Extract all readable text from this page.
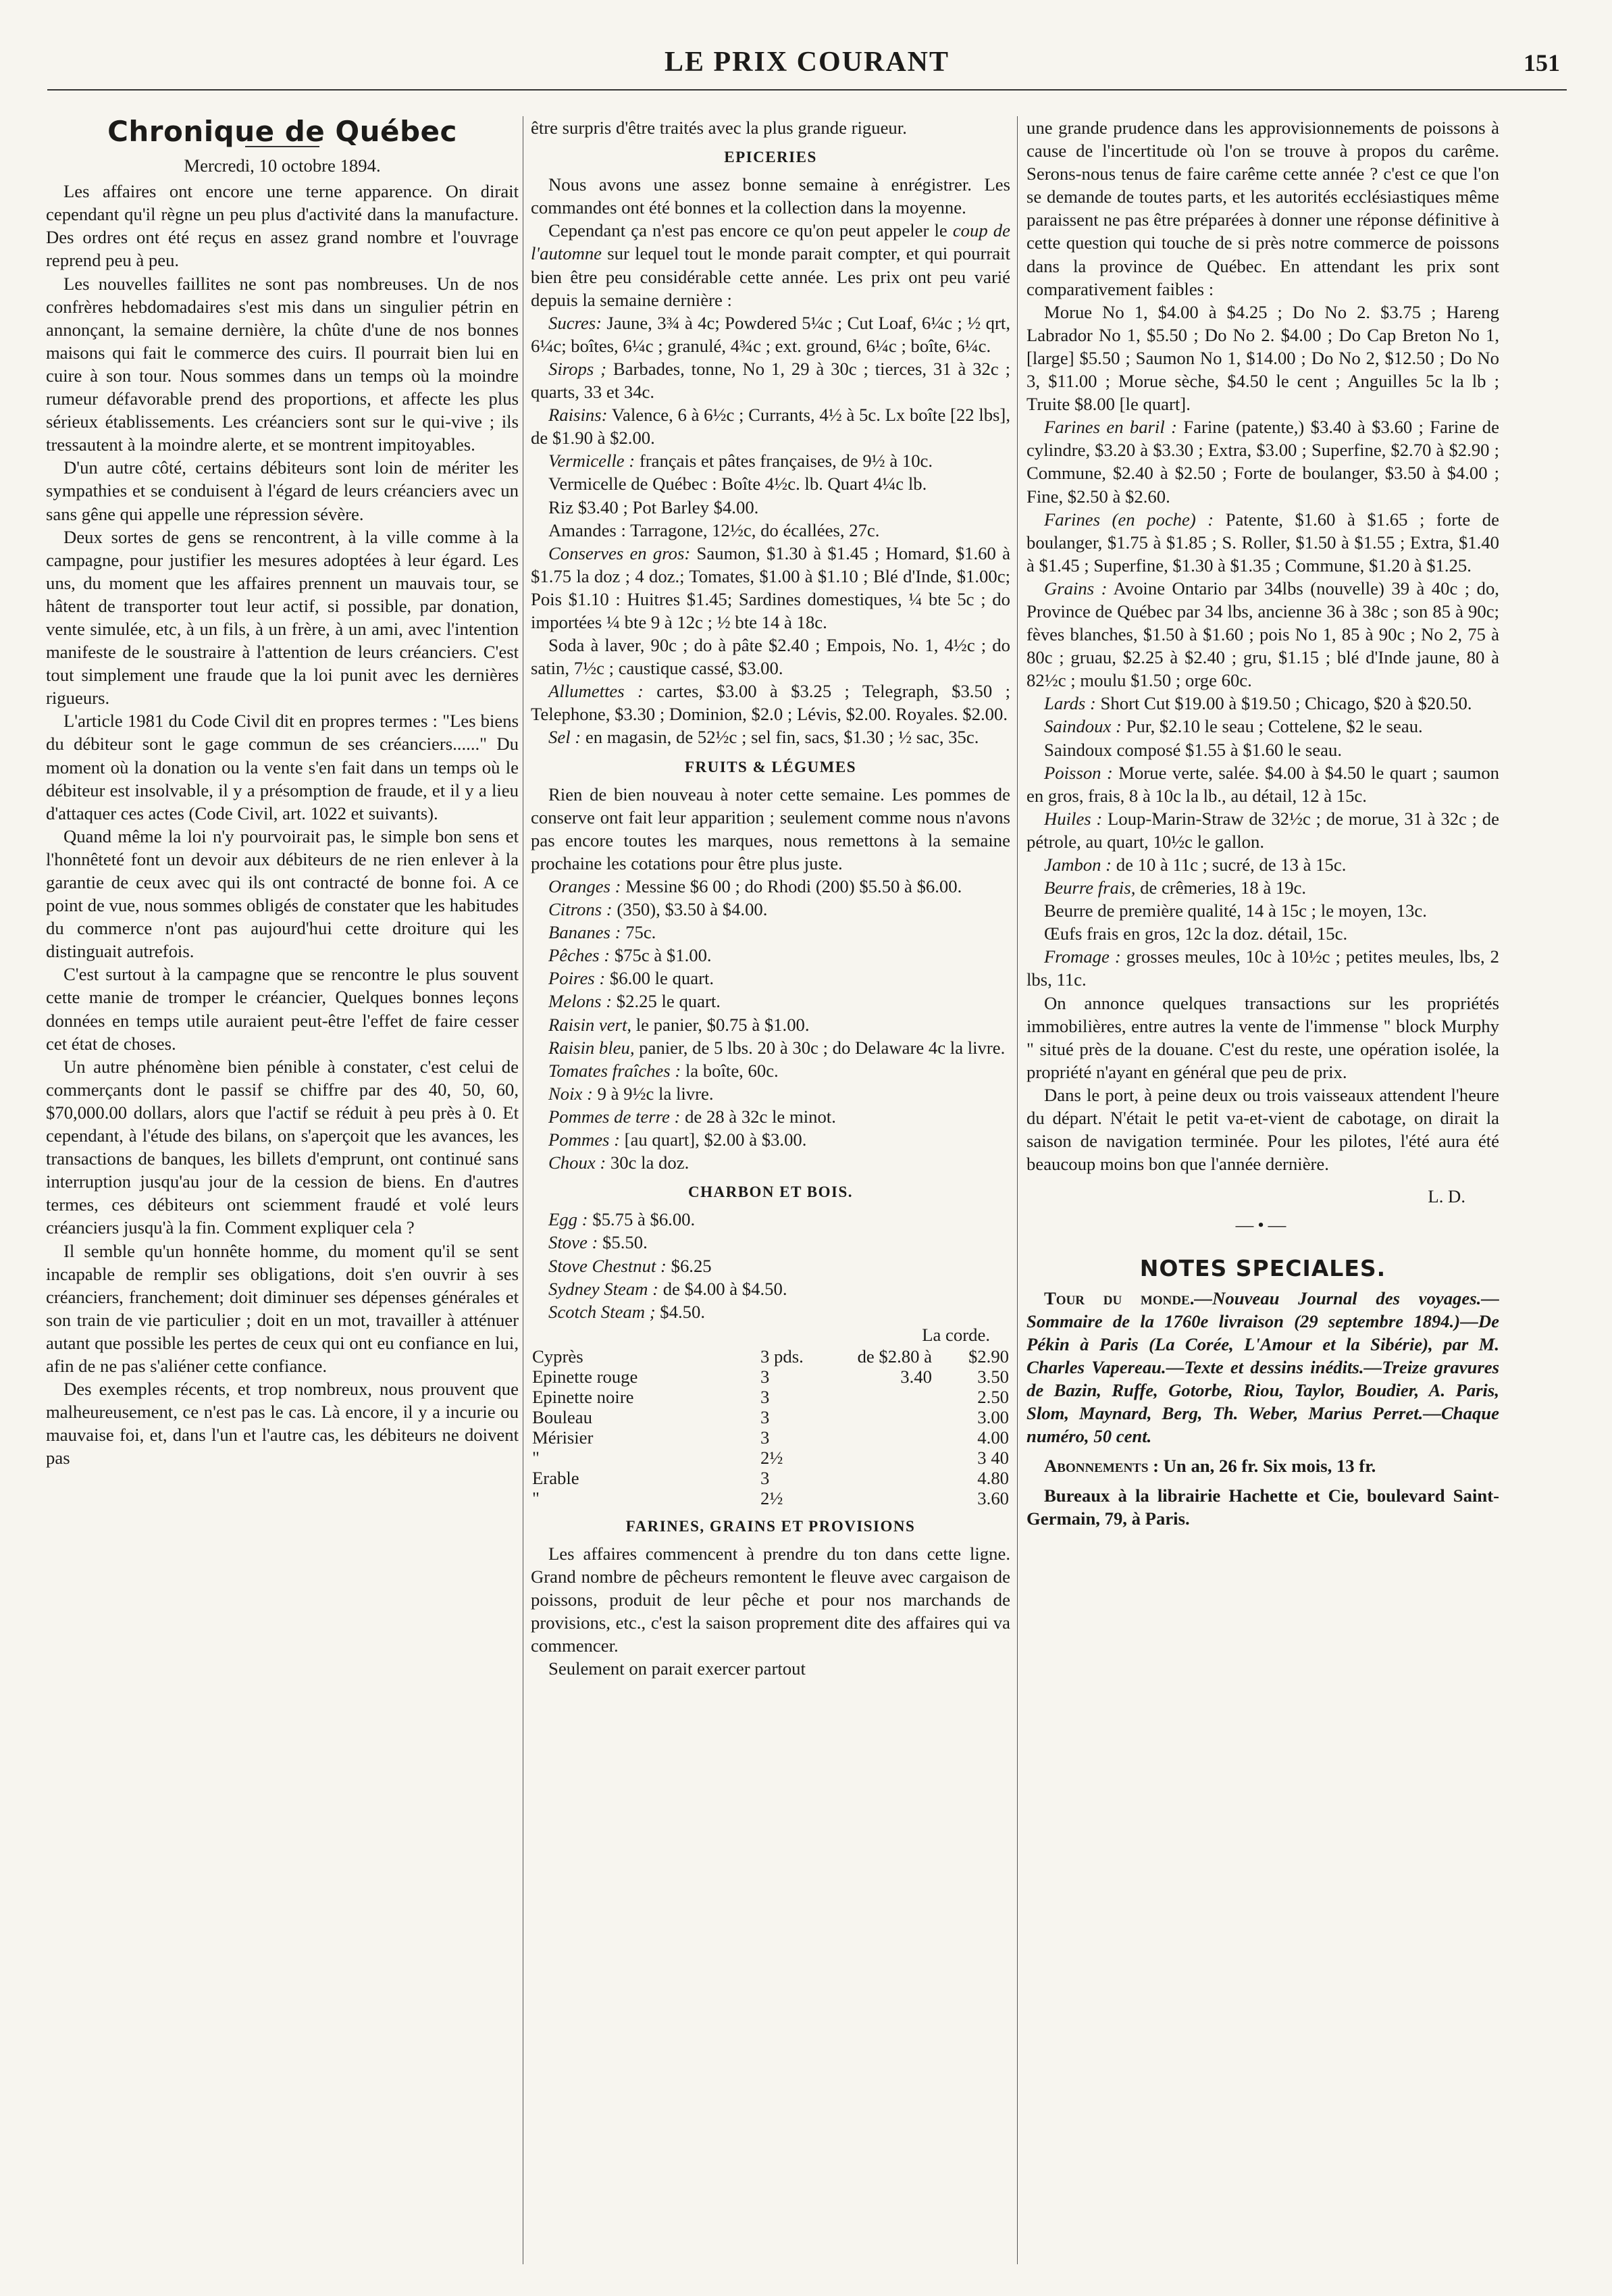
LE PRIX COURANT	151
Chronique de Québec
Mercredi, 10 octobre 1894.

Les affaires ont encore une terne apparence. On dirait cependant qu'il règne un peu plus d'activité dans la manufacture. Des ordres ont été reçus en assez grand nombre et l'ouvrage reprend peu à peu.

Les nouvelles faillites ne sont pas nombreuses. Un de nos confrères hebdomadaires s'est mis dans un singulier pétrin en annonçant, la semaine dernière, la chûte d'une de nos bonnes maisons qui fait le commerce des cuirs. Il pourrait bien lui en cuire à son tour. Nous sommes dans un temps où la moindre rumeur défavorable prend des proportions, et affecte les plus sérieux établissements. Les créanciers sont sur le qui-vive ; ils tressautent à la moindre alerte, et se montrent impitoyables.

D'un autre côté, certains débiteurs sont loin de mériter les sympathies et se conduisent à l'égard de leurs créanciers avec un sans gêne qui appelle une répression sévère.

Deux sortes de gens se rencontrent, à la ville comme à la campagne, pour justifier les mesures adoptées à leur égard. Les uns, du moment que les affaires prennent un mauvais tour, se hâtent de transporter tout leur actif, si possible, par donation, vente simulée, etc, à un fils, à un frère, à un ami, avec l'intention manifeste de le soustraire à l'attention de leurs créanciers. C'est tout simplement une fraude que la loi punit avec les dernières rigueurs.

L'article 1981 du Code Civil dit en propres termes : "Les biens du débiteur sont le gage commun de ses créanciers......" Du moment où la donation ou la vente s'en fait dans un temps où le débiteur est insolvable, il y a présomption de fraude, et il y a lieu d'attaquer ces actes (Code Civil, art. 1022 et suivants).

Quand même la loi n'y pourvoirait pas, le simple bon sens et l'honnêteté font un devoir aux débiteurs de ne rien enlever à la garantie de ceux avec qui ils ont contracté de bonne foi. A ce point de vue, nous sommes obligés de constater que les habitudes du commerce n'ont pas aujourd'hui cette droiture qui les distinguait autrefois.

C'est surtout à la campagne que se rencontre le plus souvent cette manie de tromper le créancier, Quelques bonnes leçons données en temps utile auraient peut-être l'effet de faire cesser cet état de choses.

Un autre phénomène bien pénible à constater, c'est celui de commerçants dont le passif se chiffre par des 40, 50, 60, $70,000.00 dollars, alors que l'actif se réduit à peu près à 0. Et cependant, à l'étude des bilans, on s'aperçoit que les avances, les transactions de banques, les billets d'emprunt, ont continué sans interruption jusqu'au jour de la cession de biens. En d'autres termes, ces débiteurs ont sciemment fraudé et volé leurs créanciers jusqu'à la fin. Comment expliquer cela ?

Il semble qu'un honnête homme, du moment qu'il se sent incapable de remplir ses obligations, doit s'en ouvrir à ses créanciers, franchement; doit diminuer ses dépenses générales et son train de vie particulier ; doit en un mot, travailler à atténuer autant que possible les pertes de ceux qui ont eu confiance en lui, afin de ne pas s'aliéner cette confiance.

Des exemples récents, et trop nombreux, nous prouvent que malheureusement, ce n'est pas le cas. Là encore, il y a incurie ou mauvaise foi, et, dans l'un et l'autre cas, les débiteurs ne doivent pas

être surpris d'être traités avec la plus grande rigueur.

EPICERIES

Nous avons une assez bonne semaine à enrégistrer. Les commandes ont été bonnes et la collection dans la moyenne.

Cependant ça n'est pas encore ce qu'on peut appeler le coup de l'automne sur lequel tout le monde parait compter, et qui pourrait bien être peu considérable cette année. Les prix ont peu varié depuis la semaine dernière :

Sucres: Jaune, 3¾ à 4c; Powdered 5¼c ; Cut Loaf, 6¼c ; ½ qrt, 6¼c; boîtes, 6¼c ; granulé, 4¾c ; ext. ground, 6¼c ; boîte, 6¼c.

Sirops ; Barbades, tonne, No 1, 29 à 30c ; tierces, 31 à 32c ; quarts, 33 et 34c.

Raisins: Valence, 6 à 6½c ; Currants, 4½ à 5c. Lx boîte [22 lbs], de $1.90 à $2.00.

Vermicelle : français et pâtes françaises, de 9½ à 10c.

Vermicelle de Québec : Boîte 4½c. lb. Quart 4¼c lb.

Riz $3.40 ; Pot Barley $4.00.

Amandes : Tarragone, 12½c, do écallées, 27c.

Conserves en gros: Saumon, $1.30 à $1.45 ; Homard, $1.60 à $1.75 la doz ; 4 doz.; Tomates, $1.00 à $1.10 ; Blé d'Inde, $1.00c; Pois $1.10 : Huitres $1.45; Sardines domestiques, ¼ bte 5c ; do importées ¼ bte 9 à 12c ; ½ bte 14 à 18c.

Soda à laver, 90c ; do à pâte $2.40 ; Empois, No. 1, 4½c ; do satin, 7½c ; caustique cassé, $3.00.

Allumettes : cartes, $3.00 à $3.25 ; Telegraph, $3.50 ; Telephone, $3.30 ; Dominion, $2.0 ; Lévis, $2.00. Royales. $2.00.

Sel : en magasin, de 52½c ; sel fin, sacs, $1.30 ; ½ sac, 35c.

FRUITS & LÉGUMES

Rien de bien nouveau à noter cette semaine. Les pommes de conserve ont fait leur apparition ; seulement comme nous n'avons pas encore toutes les marques, nous remettons à la semaine prochaine les cotations pour être plus juste.

Oranges : Messine $6 00 ; do Rhodi (200) $5.50 à $6.00.

Citrons : (350), $3.50 à $4.00.

Bananes : 75c.

Pêches : $75c à $1.00.

Poires : $6.00 le quart.

Melons : $2.25 le quart.

Raisin vert, le panier, $0.75 à $1.00.

Raisin bleu, panier, de 5 lbs. 20 à 30c ; do Delaware 4c la livre.

Tomates fraîches : la boîte, 60c.

Noix : 9 à 9½c la livre.

Pommes de terre : de 28 à 32c le minot.

Pommes : [au quart], $2.00 à $3.00.

Choux : 30c la doz.

CHARBON ET BOIS.

Egg : $5.75 à $6.00.

Stove : $5.50.

Stove Chestnut : $6.25

Sydney Steam : de $4.00 à $4.50.

Scotch Steam ; $4.50.

La corde.
Cyprès	3 pds.	de $2.80 à	$2.90
Epinette rouge	3	3.40	3.50
Epinette noire	3		2.50
Bouleau	3		3.00
Mérisier	3		4.00
"	2½		3 40
Erable	3		4.80
"	2½		3.60
FARINES, GRAINS ET PROVISIONS

Les affaires commencent à prendre du ton dans cette ligne. Grand nombre de pêcheurs remontent le fleuve avec cargaison de poissons, produit de leur pêche et pour nos marchands de provisions, etc., c'est la saison proprement dite des affaires qui va commencer.

Seulement on parait exercer partout

une grande prudence dans les approvisionnements de poissons à cause de l'incertitude où l'on se trouve à propos du carême. Serons-nous tenus de faire carême cette année ? c'est ce que l'on se demande de toutes parts, et les autorités ecclésiastiques même paraissent ne pas être préparées à donner une réponse définitive à cette question qui touche de si près notre commerce de poissons dans la province de Québec. En attendant les prix sont comparativement faibles :

Morue No 1, $4.00 à $4.25 ; Do No 2. $3.75 ; Hareng Labrador No 1, $5.50 ; Do No 2. $4.00 ; Do Cap Breton No 1, [large] $5.50 ; Saumon No 1, $14.00 ; Do No 2, $12.50 ; Do No 3, $11.00 ; Morue sèche, $4.50 le cent ; Anguilles 5c la lb ; Truite $8.00 [le quart].

Farines en baril : Farine (patente,) $3.40 à $3.60 ; Farine de cylindre, $3.20 à $3.30 ; Extra, $3.00 ; Superfine, $2.70 à $2.90 ; Commune, $2.40 à $2.50 ; Forte de boulanger, $3.50 à $4.00 ; Fine, $2.50 à $2.60.

Farines (en poche) : Patente, $1.60 à $1.65 ; forte de boulanger, $1.75 à $1.85 ; S. Roller, $1.50 à $1.55 ; Extra, $1.40 à $1.45 ; Superfine, $1.30 à $1.35 ; Commune, $1.20 à $1.25.

Grains : Avoine Ontario par 34lbs (nouvelle) 39 à 40c ; do, Province de Québec par 34 lbs, ancienne 36 à 38c ; son 85 à 90c; fèves blanches, $1.50 à $1.60 ; pois No 1, 85 à 90c ; No 2, 75 à 80c ; gruau, $2.25 à $2.40 ; gru, $1.15 ; blé d'Inde jaune, 80 à 82½c ; moulu $1.50 ; orge 60c.

Lards : Short Cut $19.00 à $19.50 ; Chicago, $20 à $20.50.

Saindoux : Pur, $2.10 le seau ; Cottelene, $2 le seau.

Saindoux composé $1.55 à $1.60 le seau.

Poisson : Morue verte, salée. $4.00 à $4.50 le quart ; saumon en gros, frais, 8 à 10c la lb., au détail, 12 à 15c.

Huiles : Loup-Marin-Straw de 32½c ; de morue, 31 à 32c ; de pétrole, au quart, 10½c le gallon.

Jambon : de 10 à 11c ; sucré, de 13 à 15c.

Beurre frais, de crêmeries, 18 à 19c.

Beurre de première qualité, 14 à 15c ; le moyen, 13c.

Œufs frais en gros, 12c la doz. détail, 15c.

Fromage : grosses meules, 10c à 10½c ; petites meules, lbs, 2 lbs, 11c.

On annonce quelques transactions sur les propriétés immobilières, entre autres la vente de l'immense " block Murphy " situé près de la douane. C'est du reste, une opération isolée, la propriété n'ayant en général que peu de prix.

Dans le port, à peine deux ou trois vaisseaux attendent l'heure du départ. N'était le petit va-et-vient de cabotage, on dirait la saison de navigation terminée. Pour les pilotes, l'été aura été beaucoup moins bon que l'année dernière.

L. D.
—•—
NOTES SPECIALES.

Tour du monde.—Nouveau Journal des voyages.—Sommaire de la 1760e livraison (29 septembre 1894.)—De Pékin à Paris (La Corée, L'Amour et la Sibérie), par M. Charles Vapereau.—Texte et dessins inédits.—Treize gravures de Bazin, Ruffe, Gotorbe, Riou, Taylor, Boudier, A. Paris, Slom, Maynard, Berg, Th. Weber, Marius Perret.—Chaque numéro, 50 cent.

Abonnements : Un an, 26 fr. Six mois, 13 fr.

Bureaux à la librairie Hachette et Cie, boulevard Saint-Germain, 79, à Paris.
